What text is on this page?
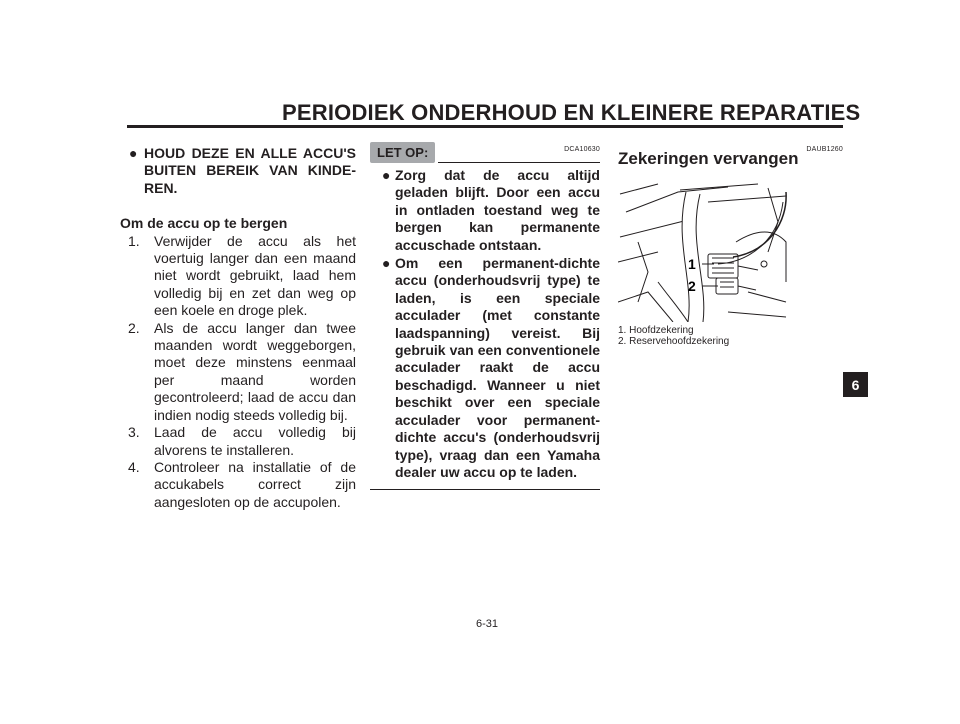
PERIODIEK ONDERHOUD EN KLEINERE REPARATIES
● HOUD DEZE EN ALLE ACCU'S BUITEN BEREIK VAN KINDEREN.
Om de accu op te bergen
1. Verwijder de accu als het voertuig langer dan een maand niet wordt gebruikt, laad hem volledig bij en zet dan weg op een koele en droge plek.
2. Als de accu langer dan twee maanden wordt weggeborgen, moet deze minstens eenmaal per maand worden gecontroleerd; laad de accu dan indien nodig steeds volledig bij.
3. Laad de accu volledig bij alvorens te installeren.
4. Controleer na installatie of de accukabels correct zijn aangesloten op de accupolen.
LET OP:	DCA10630
● Zorg dat de accu altijd geladen blijft. Door een accu in ontladen toestand weg te bergen kan permanente accuschade ontstaan.
● Om een permanent-dichte accu (onderhoudsvrij type) te laden, is een speciale acculader (met constante laadspanning) vereist. Bij gebruik van een conventionele acculader raakt de accu beschadigd. Wanneer u niet beschikt over een speciale acculader voor permanent-dichte accu's (onderhoudsvrij type), vraag dan een Yamaha dealer uw accu op te laden.
DAUB1260
Zekeringen vervangen
1
2
1. Hoofdzekering
2. Reservehoofdzekering
6
6-31
